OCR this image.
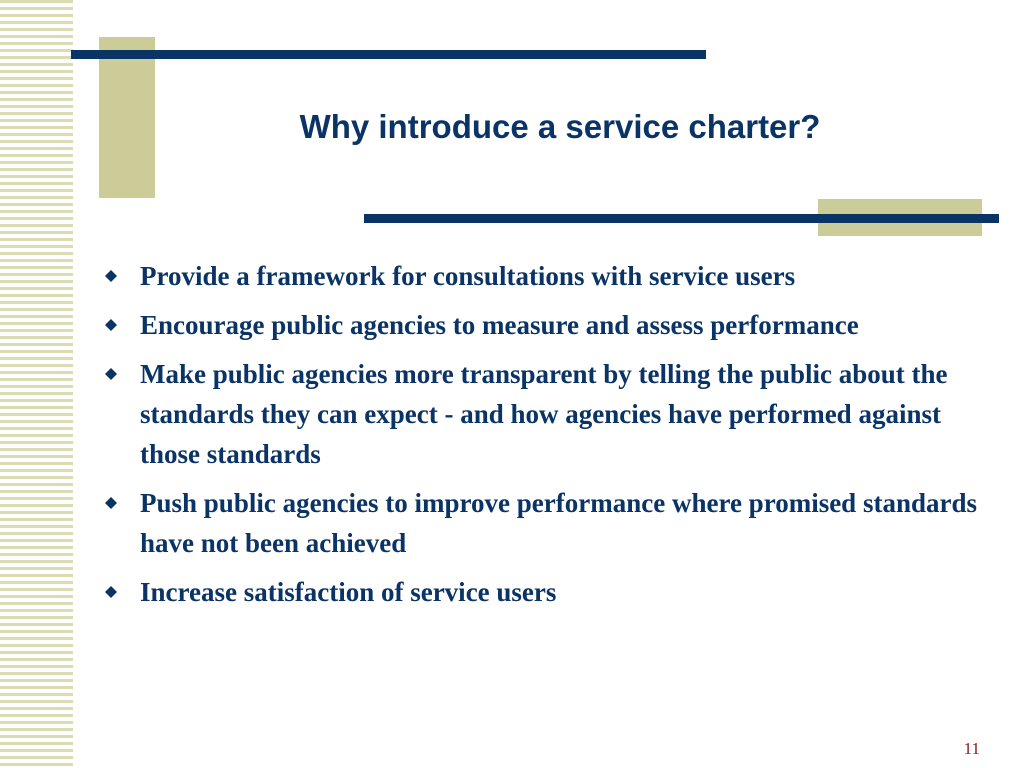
Why introduce a service charter?
Provide a framework for consultations with service users
Encourage public agencies to measure and assess performance
Make public agencies more transparent by telling the public about the standards they can expect - and how agencies have performed against those standards
Push public agencies to improve performance where promised standards have not been achieved
Increase satisfaction of service users
11
